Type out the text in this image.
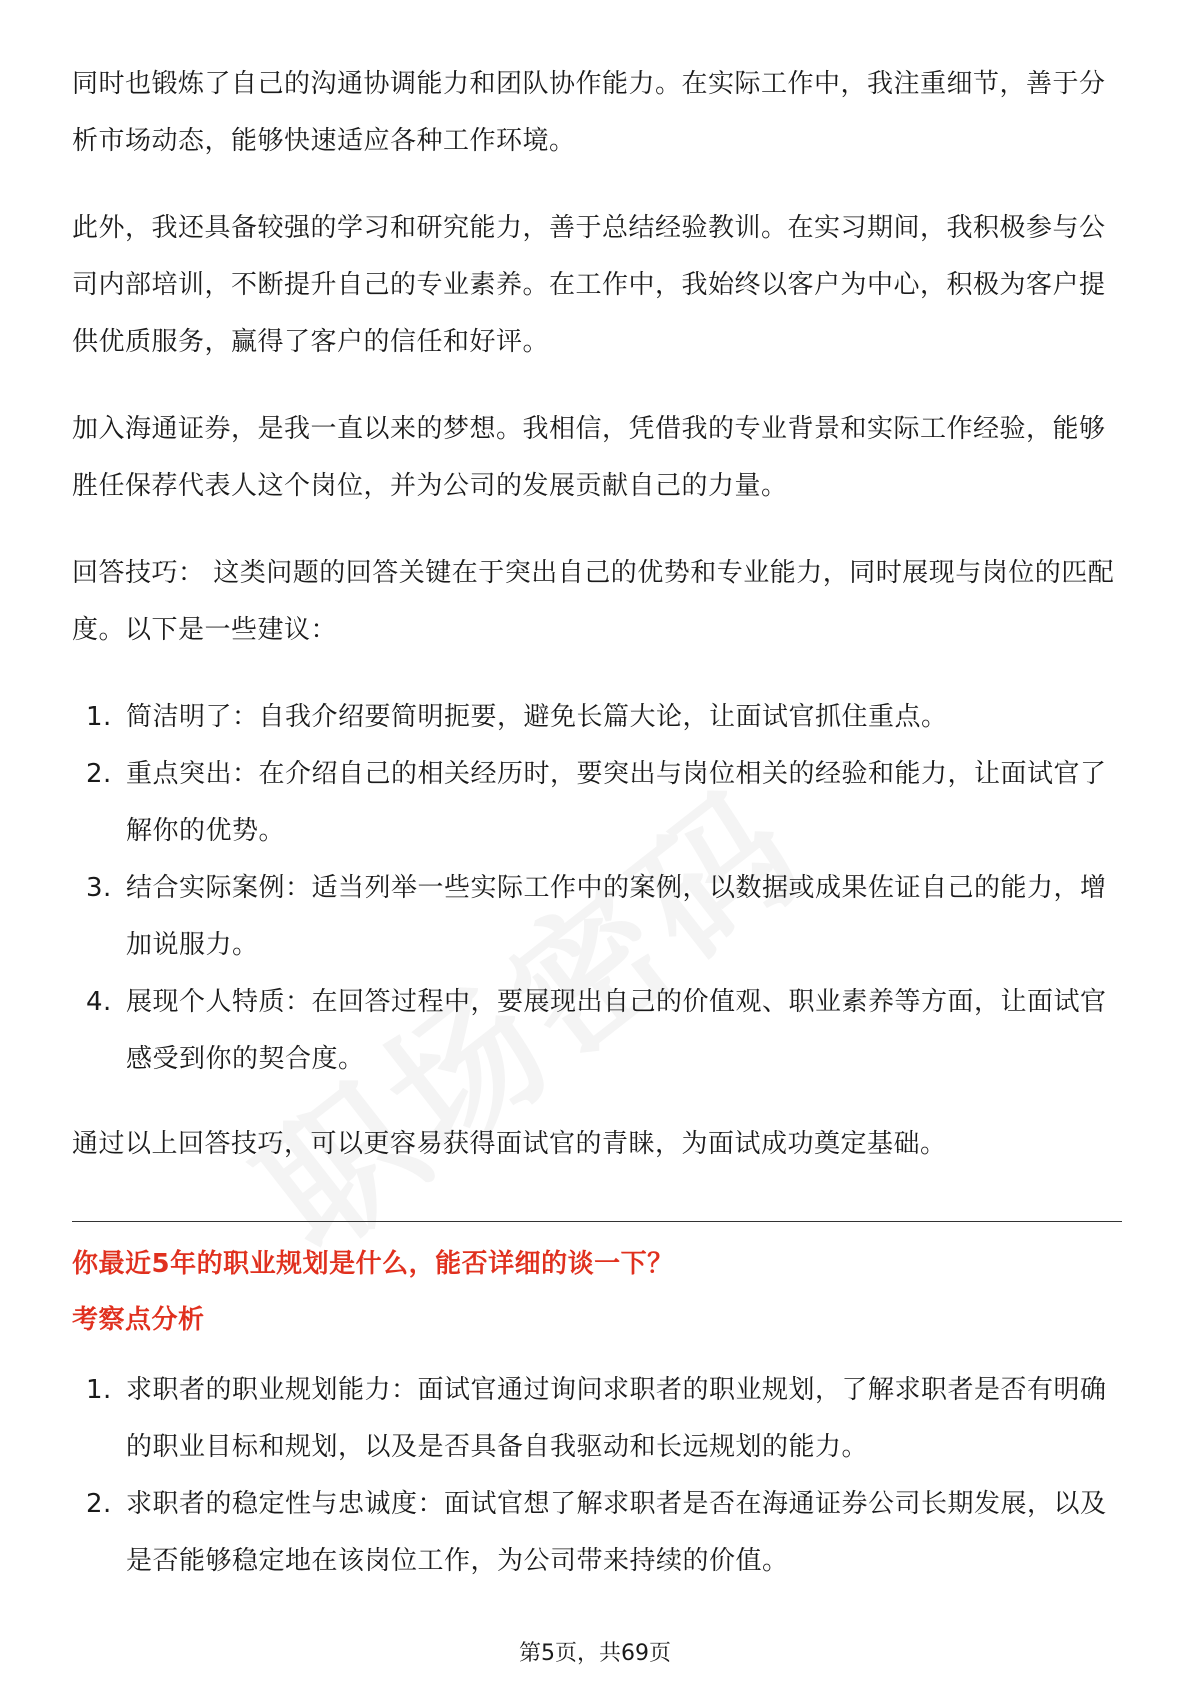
同时也锻炼了自己的沟通协调能力和团队协作能力。在实际工作中，我注重细节，善于分析市场动态，能够快速适应各种工作环境。

此外，我还具备较强的学习和研究能力，善于总结经验教训。在实习期间，我积极参与公司内部培训，不断提升自己的专业素养。在工作中，我始终以客户为中心，积极为客户提供优质服务，赢得了客户的信任和好评。

加入海通证券，是我一直以来的梦想。我相信，凭借我的专业背景和实际工作经验，能够胜任保荐代表人这个岗位，并为公司的发展贡献自己的力量。

回答技巧： 这类问题的回答关键在于突出自己的优势和专业能力，同时展现与岗位的匹配度。以下是一些建议：

1. 简洁明了：自我介绍要简明扼要，避免长篇大论，让面试官抓住重点。
2. 重点突出：在介绍自己的相关经历时，要突出与岗位相关的经验和能力，让面试官了解你的优势。
3. 结合实际案例：适当列举一些实际工作中的案例，以数据或成果佐证自己的能力，增加说服力。
4. 展现个人特质：在回答过程中，要展现出自己的价值观、职业素养等方面，让面试官感受到你的契合度。

通过以上回答技巧，可以更容易获得面试官的青睐，为面试成功奠定基础。

你最近5年的职业规划是什么，能否详细的谈一下？

考察点分析

1. 求职者的职业规划能力：面试官通过询问求职者的职业规划，了解求职者是否有明确的职业目标和规划，以及是否具备自我驱动和长远规划的能力。
2. 求职者的稳定性与忠诚度：面试官想了解求职者是否在海通证券公司长期发展，以及是否能够稳定地在该岗位工作，为公司带来持续的价值。
第5页，共69页
